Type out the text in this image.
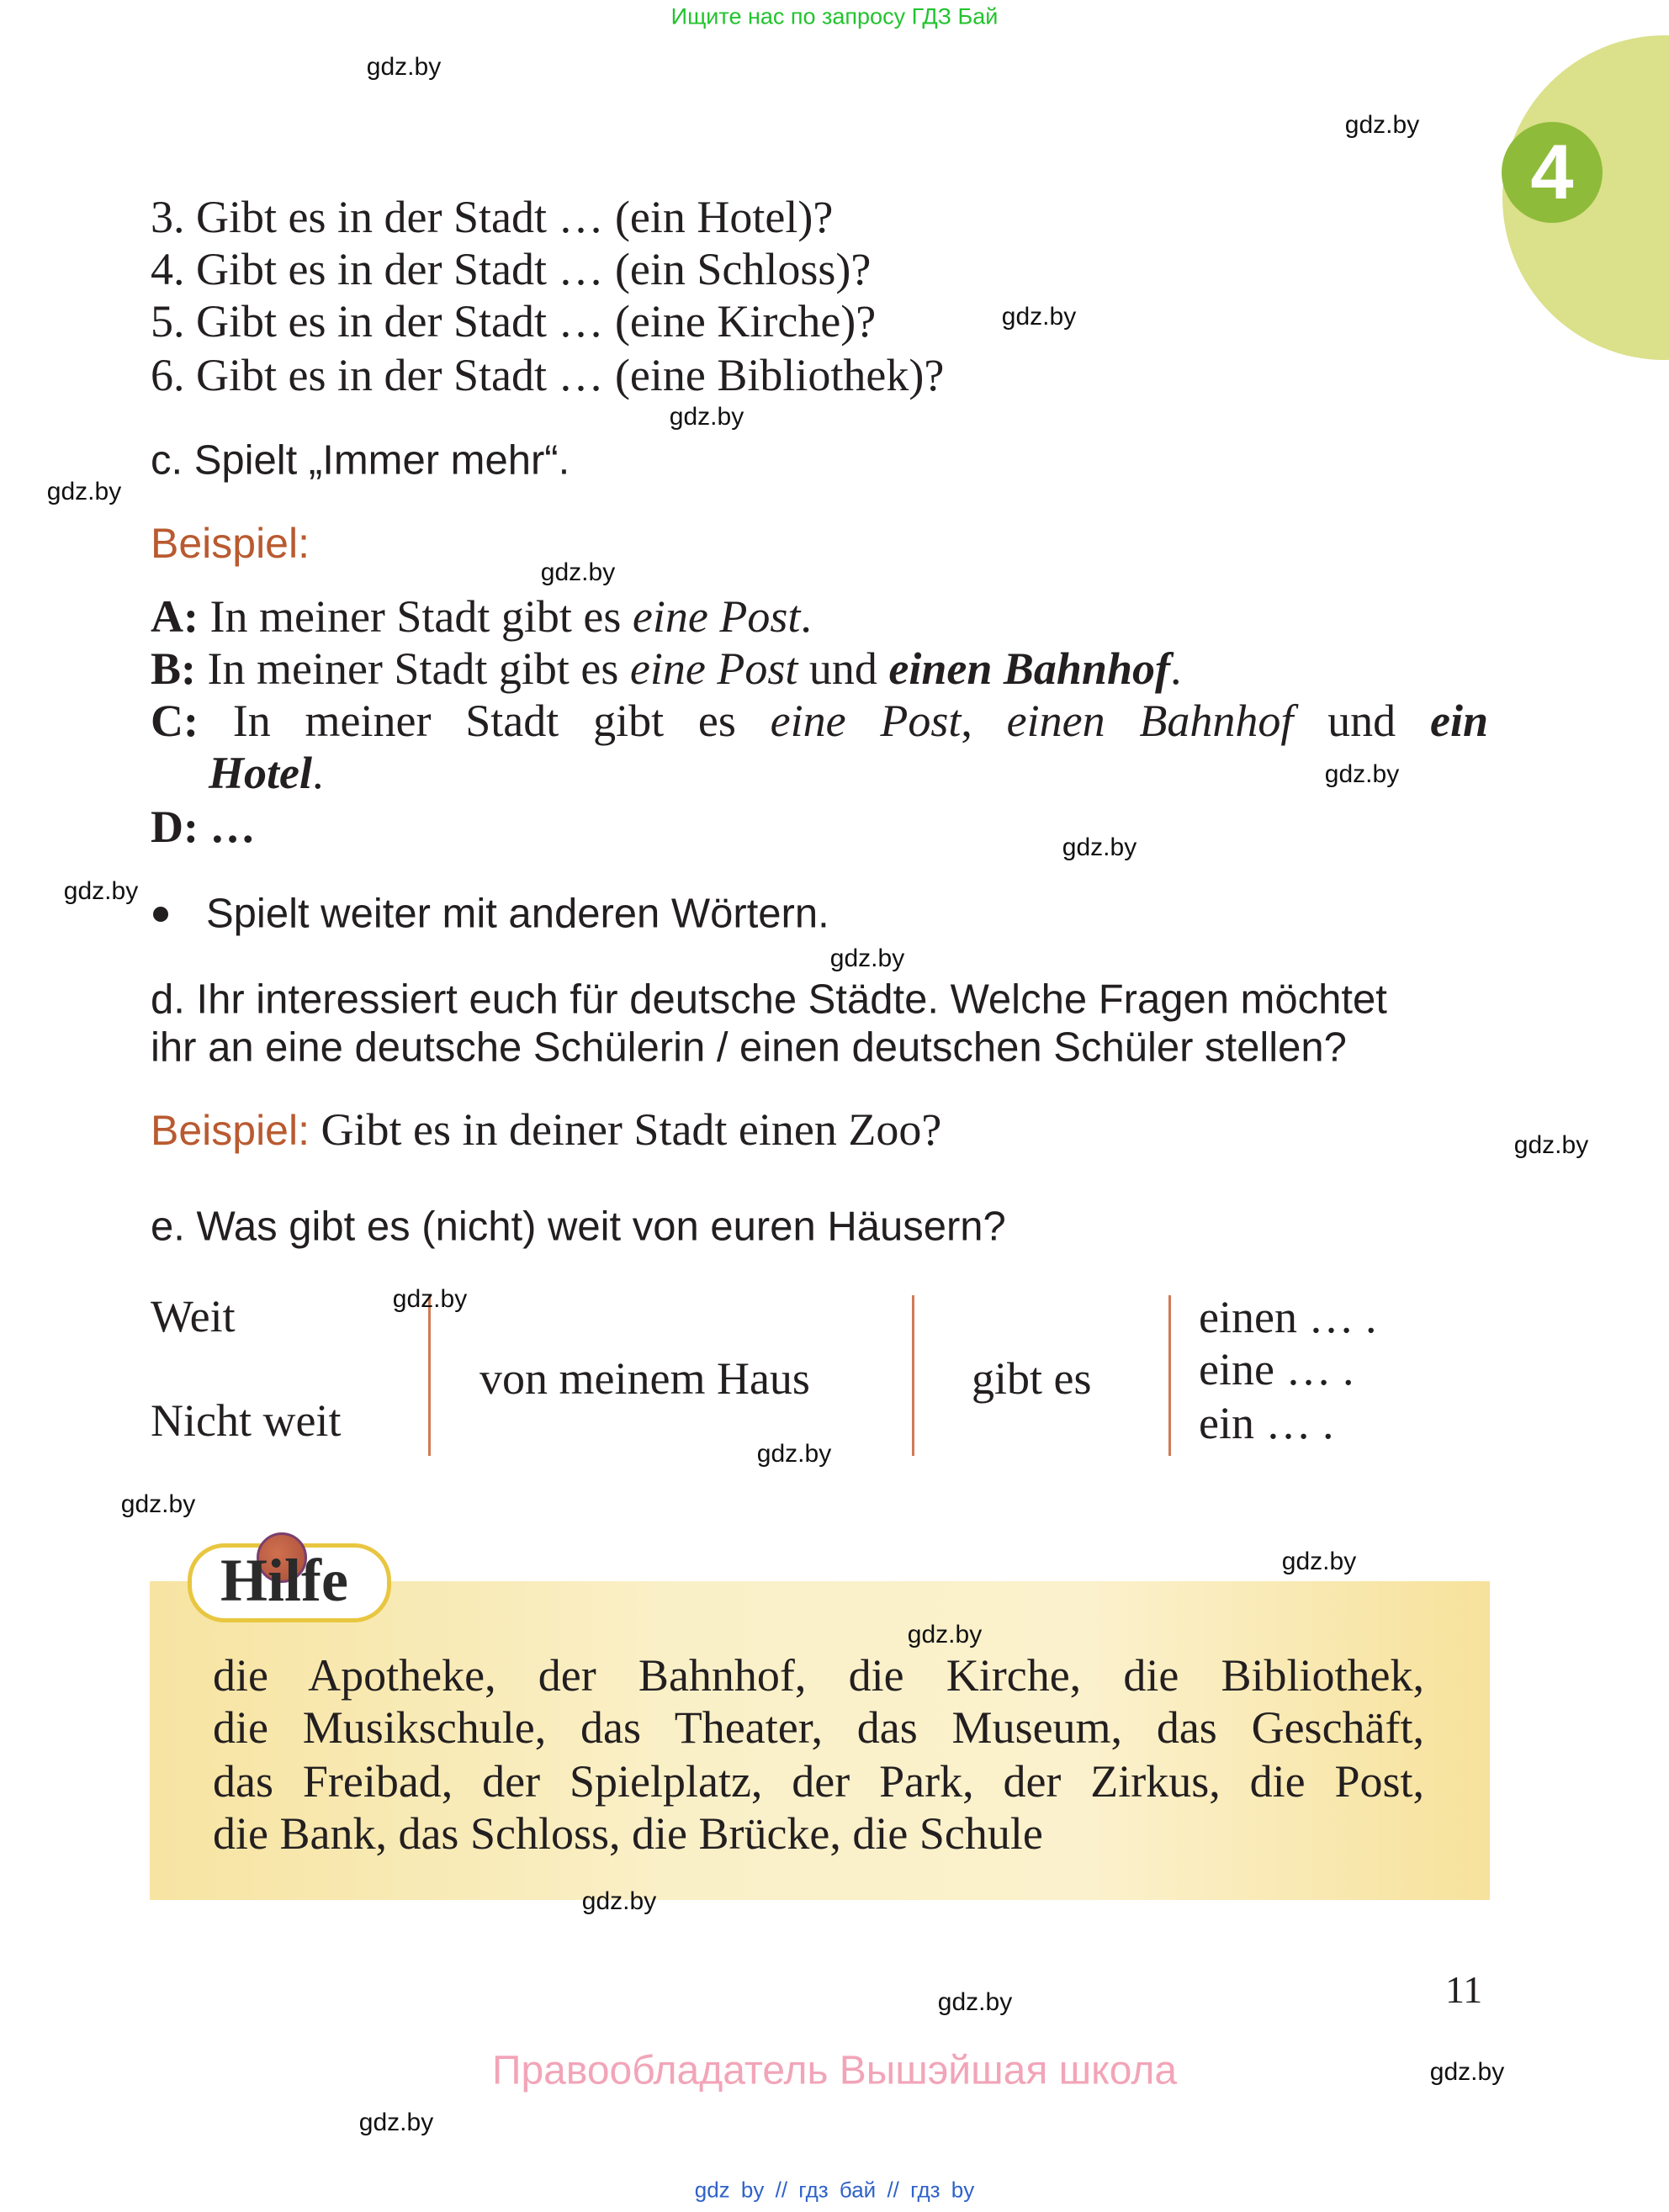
Ищите нас по запросу ГДЗ Бай
4
3. Gibt es in der Stadt … (ein Hotel)?
4. Gibt es in der Stadt … (ein Schloss)?
5. Gibt es in der Stadt … (eine Kirche)?
6. Gibt es in der Stadt … (eine Bibliothek)?
c. Spielt „Immer mehr“.
Beispiel:
A: In meiner Stadt gibt es eine Post.
B: In meiner Stadt gibt es eine Post und einen Bahnhof.
C: In meiner Stadt gibt es eine Post, einen Bahnhof und ein
Hotel.
D: …
Spielt weiter mit anderen Wörtern.
d. Ihr interessiert euch für deutsche Städte. Welche Fragen möchtet
ihr an eine deutsche Schülerin / einen deutschen Schüler stellen?
Beispiel: Gibt es in deiner Stadt einen Zoo?
e. Was gibt es (nicht) weit von euren Häusern?
Weit
Nicht weit
von meinem Haus	gibt es
einen … .
eine … .
ein … .
Hilfe
die Apotheke, der Bahnhof, die Kirche, die Bibliothek,
die Musikschule, das Theater, das Museum, das Geschäft,
das Freibad, der Spielplatz, der Park, der Zirkus, die Post,
die Bank, das Schloss, die Brücke, die Schule
11
Правообладатель Вышэйшая школа
gdz by // гдз бай // гдз by
gdz.by
gdz.by
gdz.by
gdz.by
gdz.by
gdz.by
gdz.by
gdz.by
gdz.by
gdz.by
gdz.by
gdz.by
gdz.by
gdz.by
gdz.by
gdz.by
gdz.by
gdz.by
gdz.by
gdz.by
